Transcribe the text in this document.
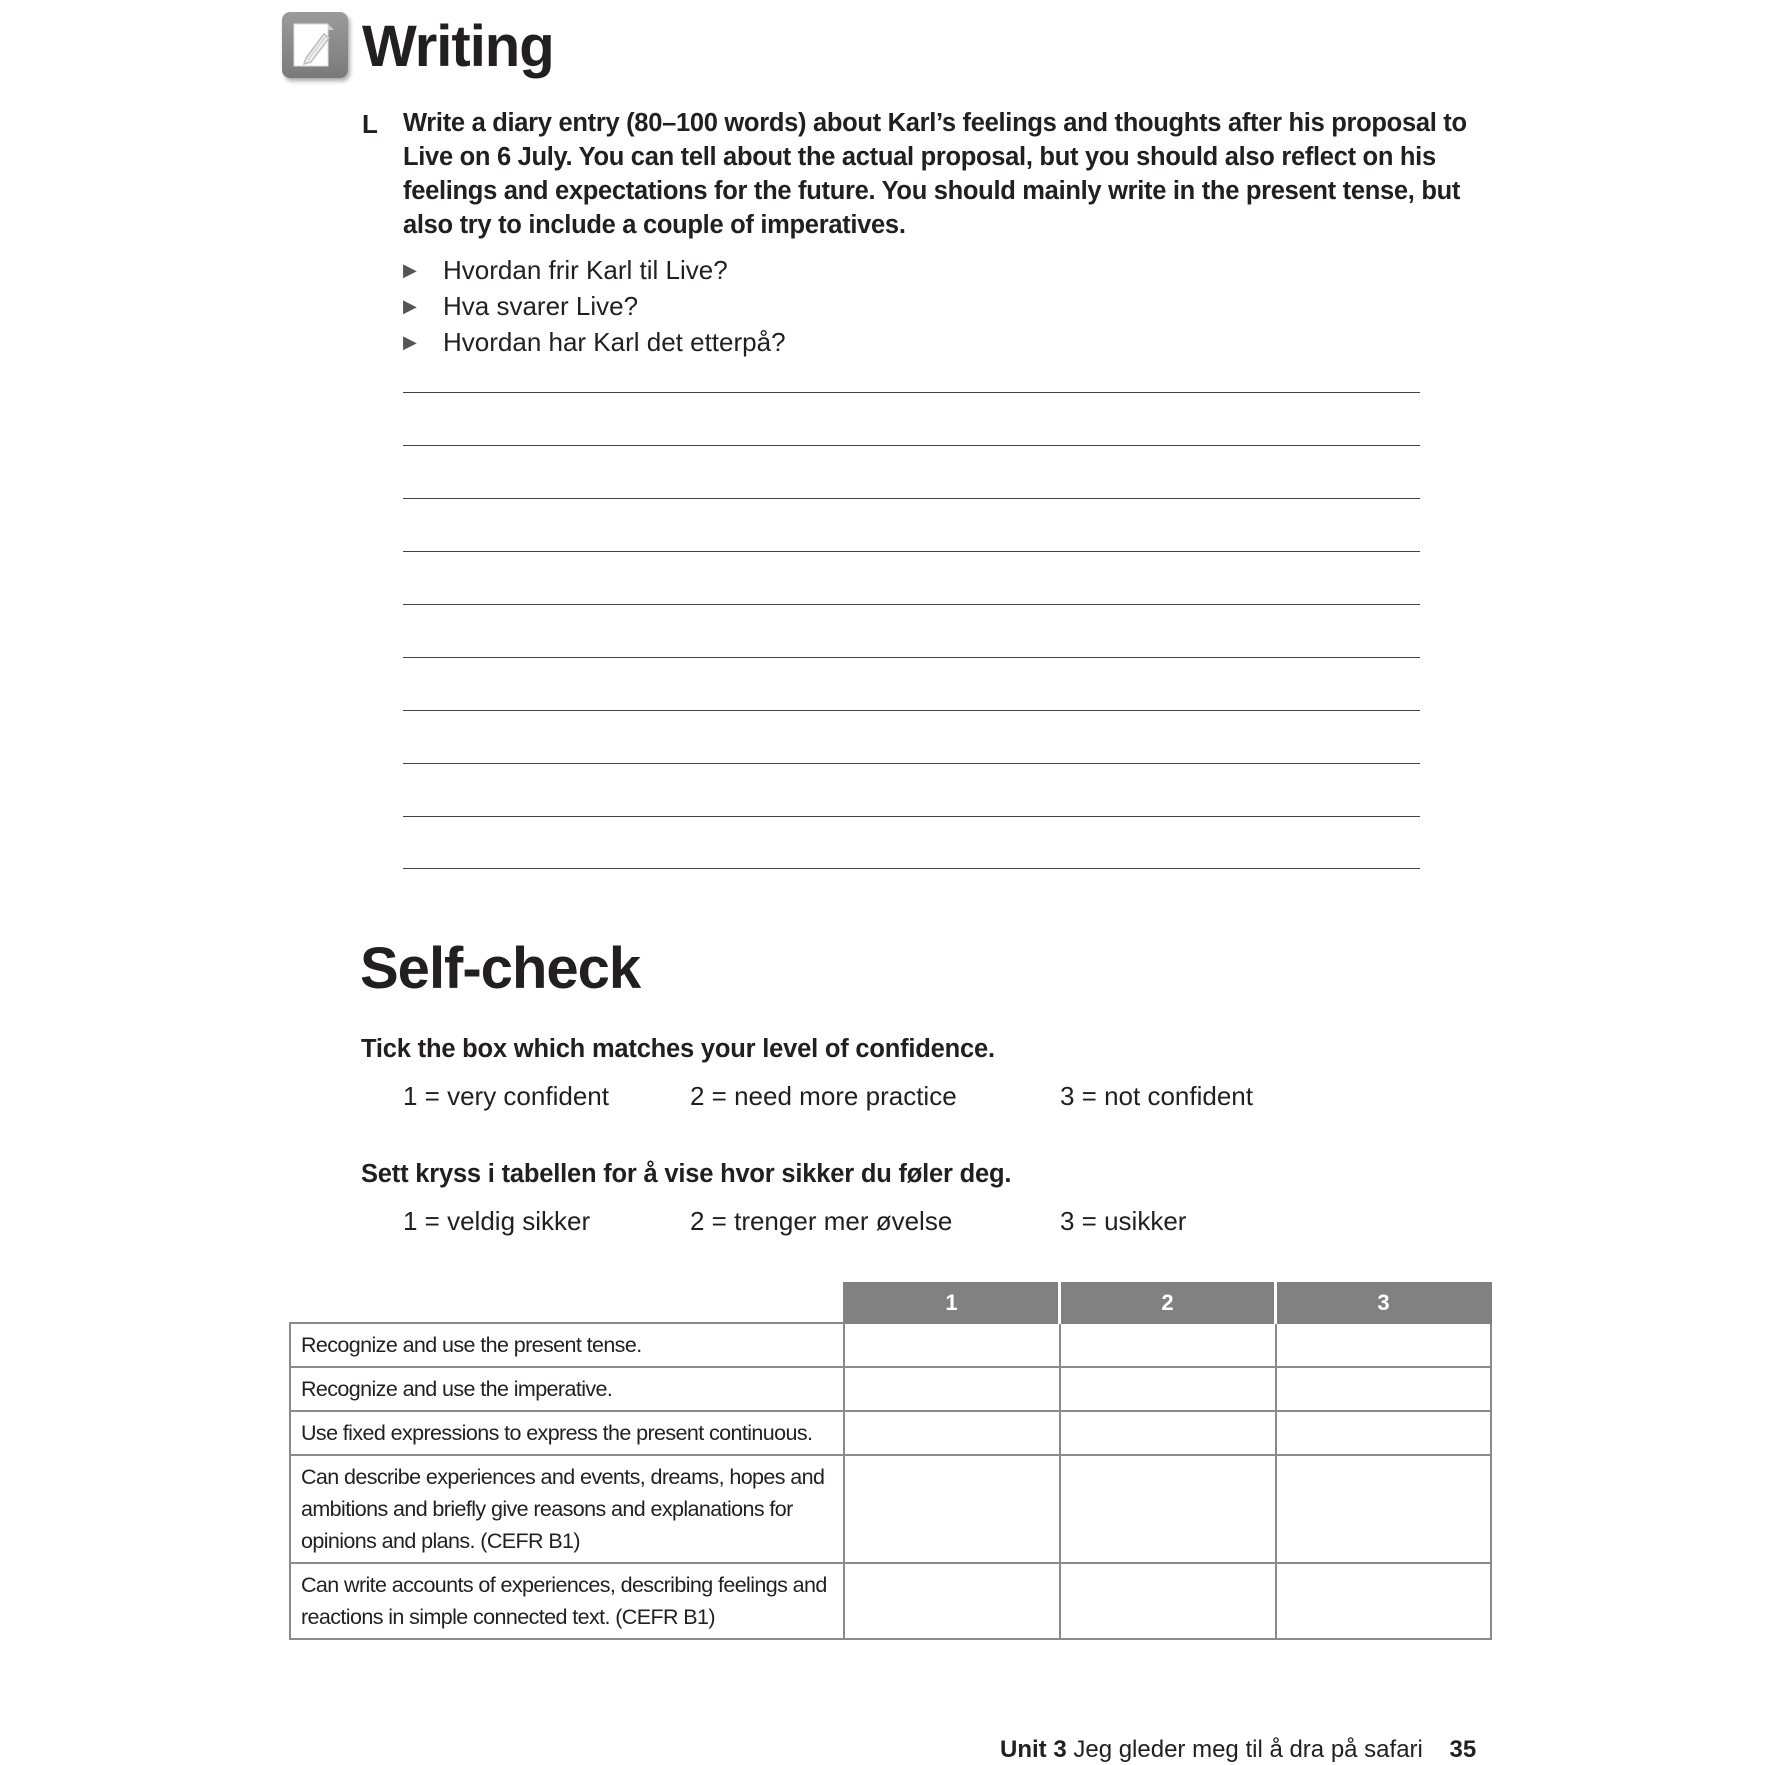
Writing
L Write a diary entry (80–100 words) about Karl’s feelings and thoughts after his proposal to Live on 6 July. You can tell about the actual proposal, but you should also reflect on his feelings and expectations for the future. You should mainly write in the present tense, but also try to include a couple of imperatives.
▶	Hvordan frir Karl til Live?
▶	Hva svarer Live?
▶	Hvordan har Karl det etterpå?
Self-check
Tick the box which matches your level of confidence.
1 = very confident	2 = need more practice	3 = not confident
Sett kryss i tabellen for å vise hvor sikker du føler deg.
1 = veldig sikker	2 = trenger mer øvelse	3 = usikker
	1	2	3
Recognize and use the present tense.			
Recognize and use the imperative.			
Use fixed expressions to express the present continuous.			
Can describe experiences and events, dreams, hopes and ambitions and briefly give reasons and explanations for opinions and plans. (CEFR B1)			
Can write accounts of experiences, describing feelings and reactions in simple connected text. (CEFR B1)			
Unit 3 Jeg gleder meg til å dra på safari 35
